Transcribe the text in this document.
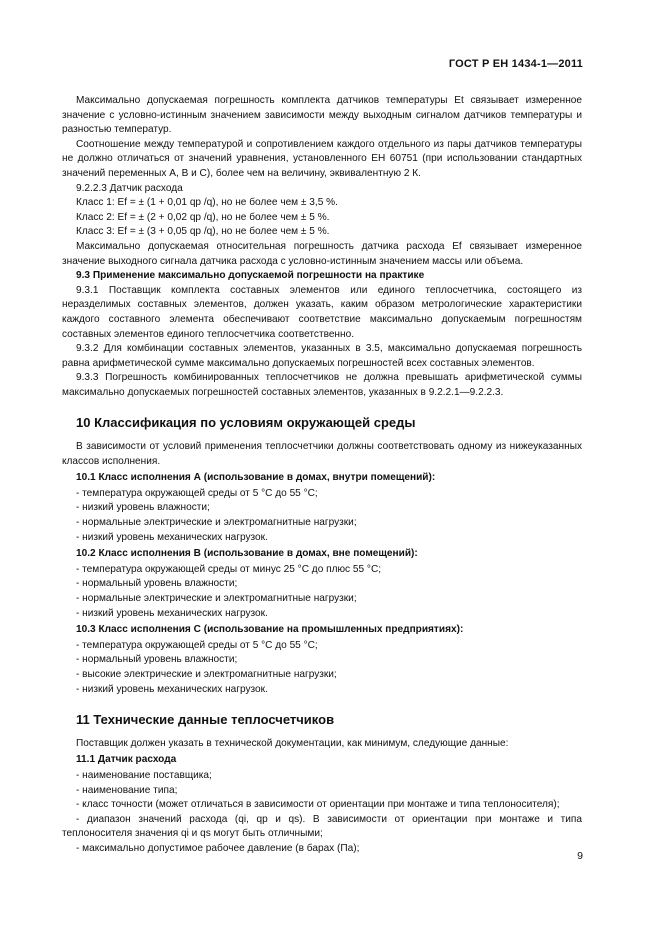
ГОСТ Р ЕН 1434-1—2011

Максимально допускаемая погрешность комплекта датчиков температуры Et связывает измеренное значение с условно-истинным значением зависимости между выходным сигналом датчиков температуры и разностью температур.

Соотношение между температурой и сопротивлением каждого отдельного из пары датчиков температуры не должно отличаться от значений уравнения, установленного ЕН 60751 (при использовании стандартных значений переменных А, В и С), более чем на величину, эквивалентную 2 К.

9.2.2.3 Датчик расхода

Класс 1: Ef = ± (1 + 0,01 qp /q), но не более чем ± 3,5 %.

Класс 2: Ef = ± (2 + 0,02 qp /q), но не более чем ± 5 %.

Класс 3: Ef = ± (3 + 0,05 qp /q), но не более чем ± 5 %.

Максимально допускаемая относительная погрешность датчика расхода Ef связывает измеренное значение выходного сигнала датчика расхода с условно-истинным значением массы или объема.

9.3 Применение максимально допускаемой погрешности на практике

9.3.1 Поставщик комплекта составных элементов или единого теплосчетчика, состоящего из неразделимых составных элементов, должен указать, каким образом метрологические характеристики каждого составного элемента обеспечивают соответствие максимально допускаемым погрешностям составных элементов единого теплосчетчика соответственно.

9.3.2 Для комбинации составных элементов, указанных в 3.5, максимально допускаемая погрешность равна арифметической сумме максимально допускаемых погрешностей всех составных элементов.

9.3.3 Погрешность комбинированных теплосчетчиков не должна превышать арифметической суммы максимально допускаемых погрешностей составных элементов, указанных в 9.2.2.1—9.2.2.3.

10 Классификация по условиям окружающей среды

В зависимости от условий применения теплосчетчики должны соответствовать одному из нижеуказанных классов исполнения.

10.1 Класс исполнения А (использование в домах, внутри помещений):
- температура окружающей среды от 5 °С до 55 °С;
- низкий уровень влажности;
- нормальные электрические и электромагнитные нагрузки;
- низкий уровень механических нагрузок.
10.2 Класс исполнения В (использование в домах, вне помещений):
- температура окружающей среды от минус 25 °С до плюс 55 °С;
- нормальный уровень влажности;
- нормальные электрические и электромагнитные нагрузки;
- низкий уровень механических нагрузок.
10.3 Класс исполнения С (использование на промышленных предприятиях):
- температура окружающей среды от 5 °С до 55 °С;
- нормальный уровень влажности;
- высокие электрические и электромагнитные нагрузки;
- низкий уровень механических нагрузок.
11 Технические данные теплосчетчиков

Поставщик должен указать в технической документации, как минимум, следующие данные:

11.1 Датчик расхода
- наименование поставщика;
- наименование типа;
- класс точности (может отличаться в зависимости от ориентации при монтаже и типа теплоносителя);
- диапазон значений расхода (qi, qp и qs). В зависимости от ориентации при монтаже и типа теплоносителя значения qi и qs могут быть отличными;
- максимально допустимое рабочее давление (в барах (Па);
9
